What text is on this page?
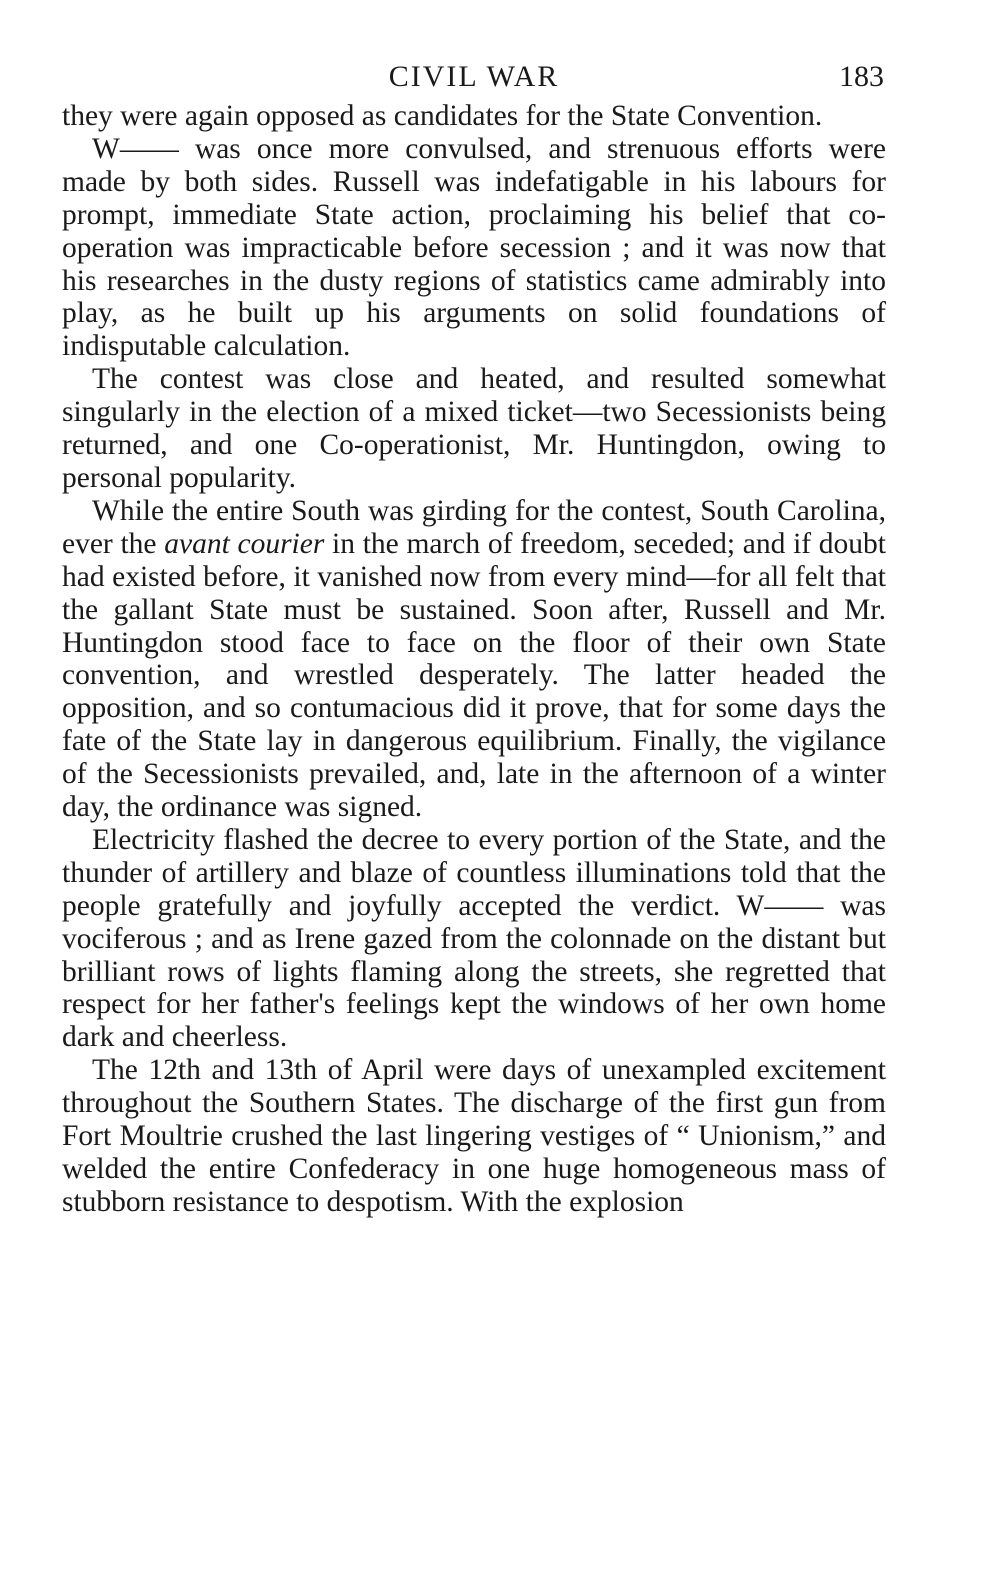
CIVIL WAR	183

they were again opposed as candidates for the State Convention.

W—— was once more convulsed, and strenuous efforts were made by both sides. Russell was indefatigable in his labours for prompt, immediate State action, proclaiming his belief that co-operation was impracticable before secession ; and it was now that his researches in the dusty regions of statistics came admirably into play, as he built up his arguments on solid foundations of indisputable calculation.

The contest was close and heated, and resulted somewhat singularly in the election of a mixed ticket—two Secessionists being returned, and one Co-operationist, Mr. Huntingdon, owing to personal popularity.

While the entire South was girding for the contest, South Carolina, ever the avant courier in the march of freedom, seceded; and if doubt had existed before, it vanished now from every mind—for all felt that the gallant State must be sustained. Soon after, Russell and Mr. Huntingdon stood face to face on the floor of their own State convention, and wrestled desperately. The latter headed the opposition, and so contumacious did it prove, that for some days the fate of the State lay in dangerous equilibrium. Finally, the vigilance of the Secessionists prevailed, and, late in the afternoon of a winter day, the ordinance was signed.

Electricity flashed the decree to every portion of the State, and the thunder of artillery and blaze of countless illuminations told that the people gratefully and joyfully accepted the verdict. W—— was vociferous ; and as Irene gazed from the colonnade on the distant but brilliant rows of lights flaming along the streets, she regretted that respect for her father's feelings kept the windows of her own home dark and cheerless.

The 12th and 13th of April were days of unexampled excitement throughout the Southern States. The discharge of the first gun from Fort Moultrie crushed the last lingering vestiges of “ Unionism,” and welded the entire Confederacy in one huge homogeneous mass of stubborn resistance to despotism. With the explosion
